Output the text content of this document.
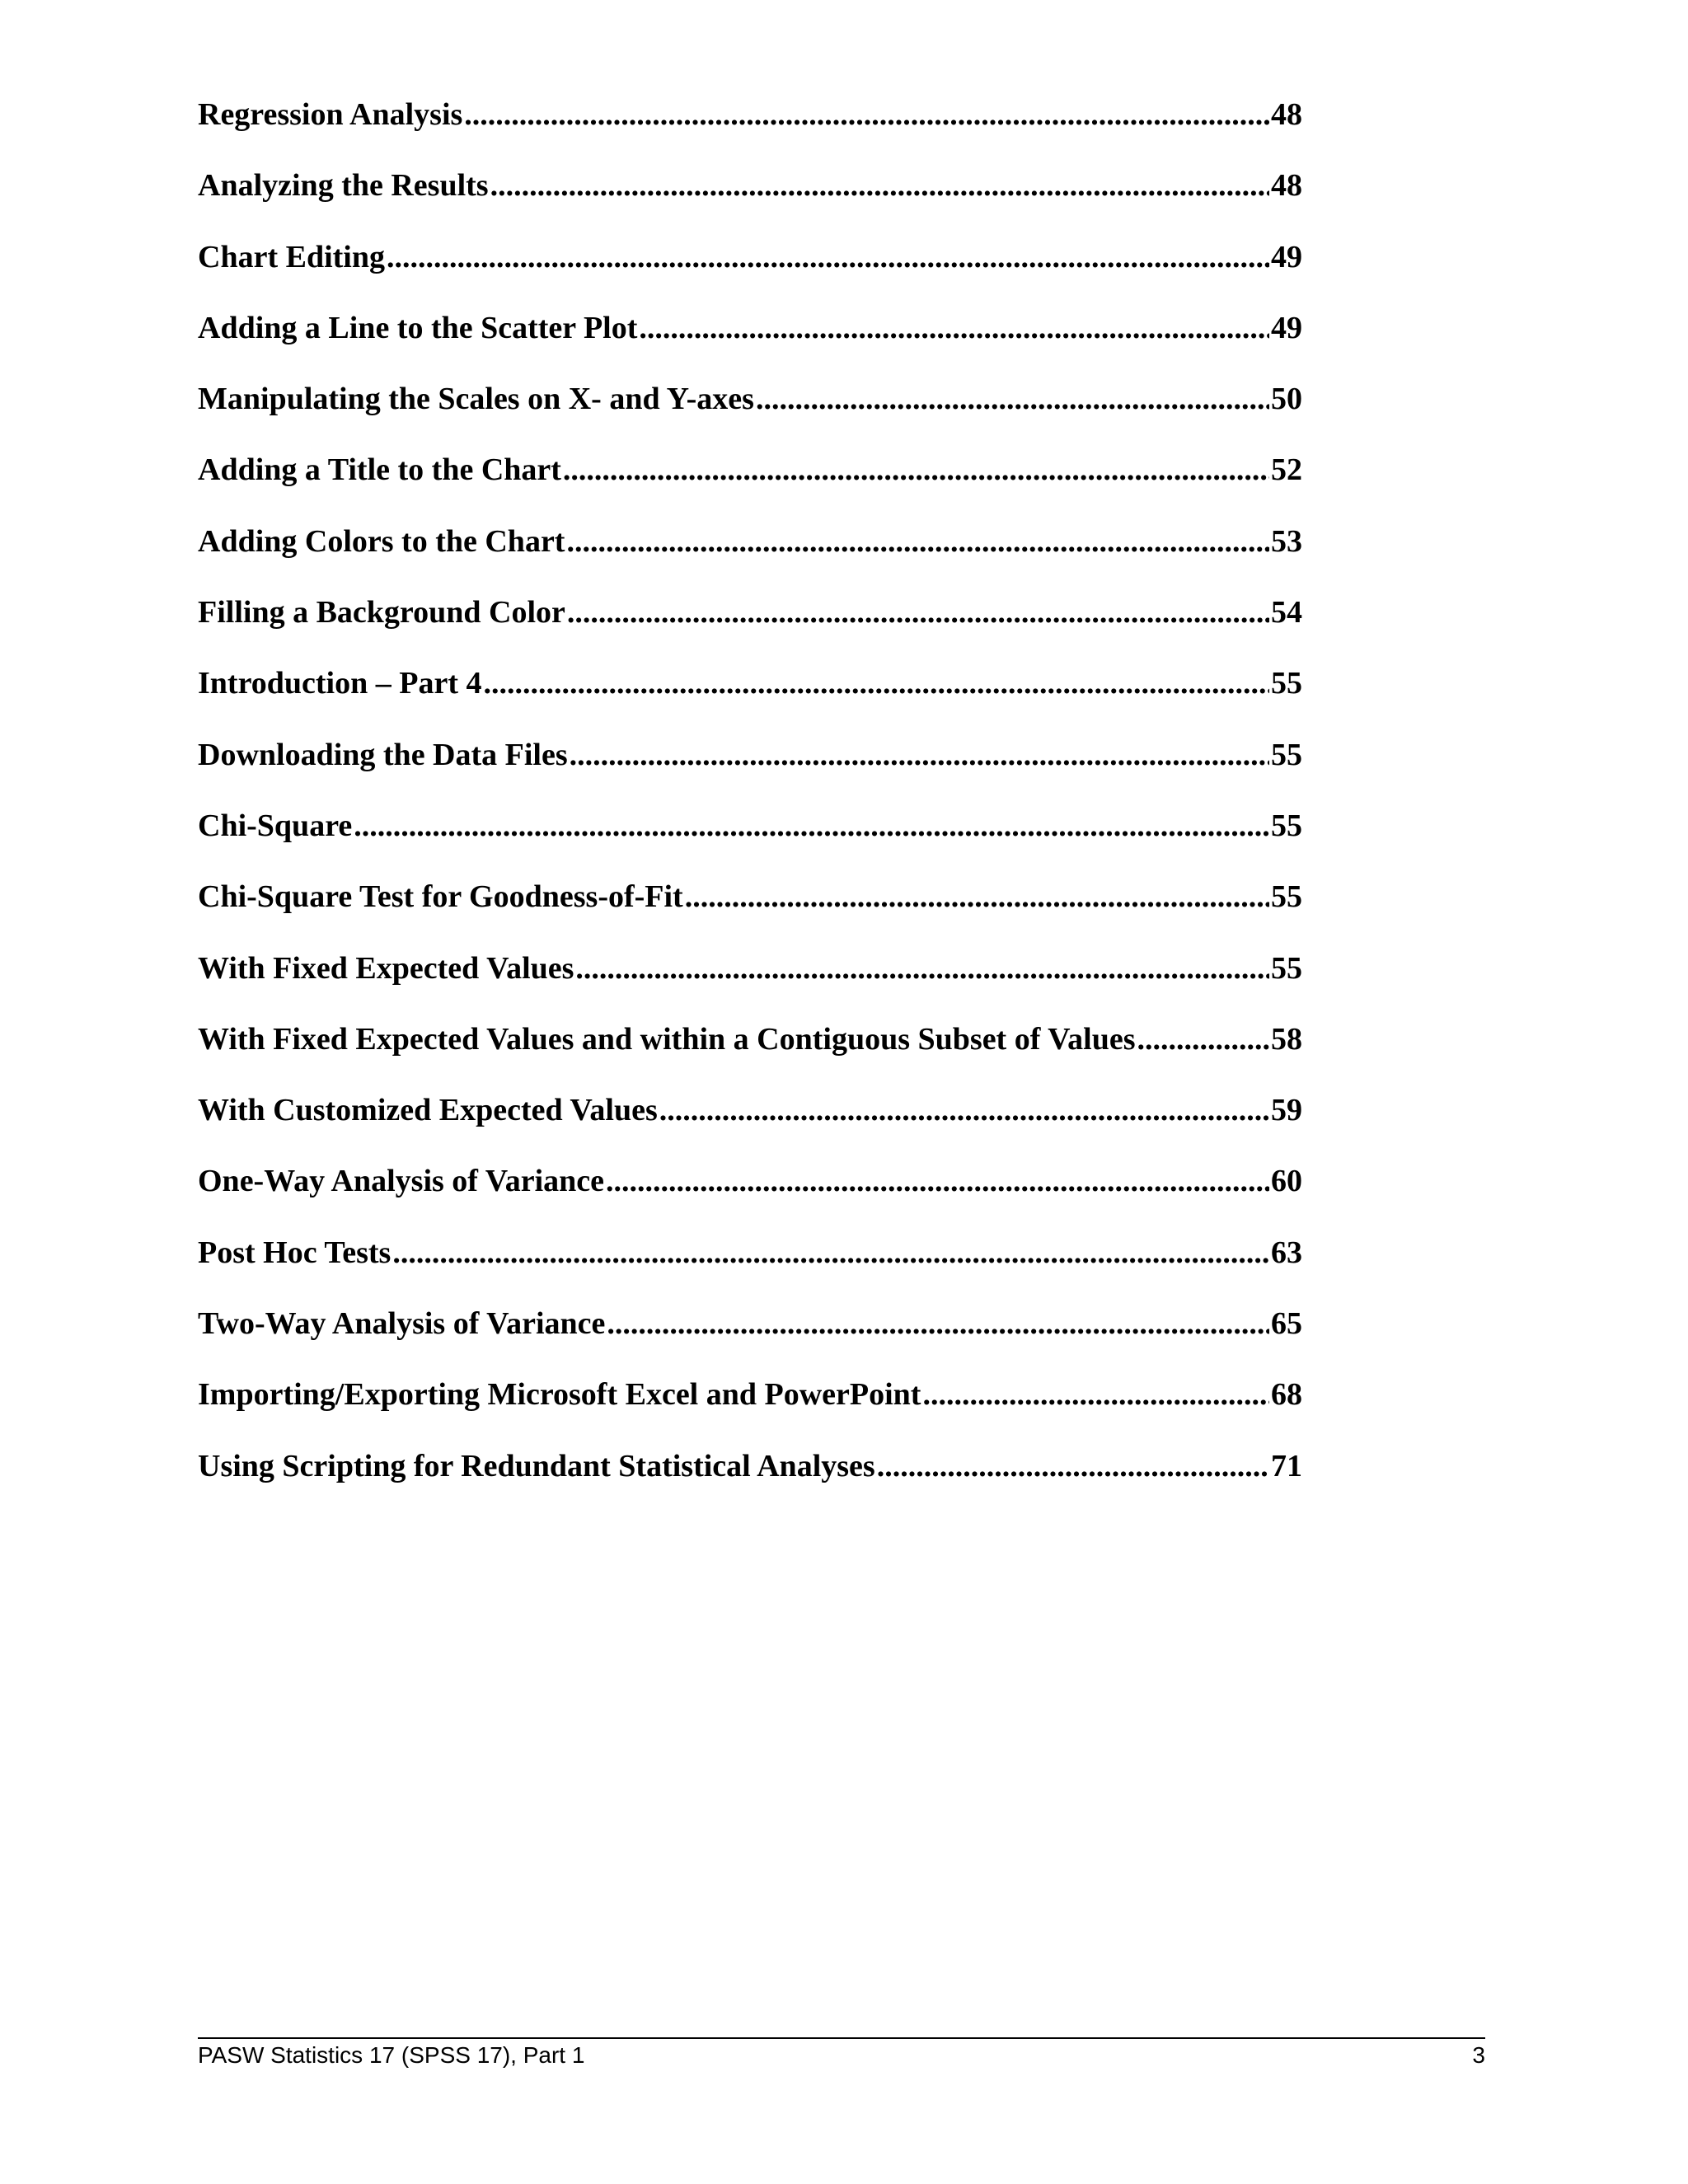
Regression Analysis .....	48
Analyzing the Results .....	48
Chart Editing .....	49
Adding a Line to the Scatter Plot .....	49
Manipulating the Scales on X- and Y-axes .....	50
Adding a Title to the Chart .....	52
Adding Colors to the Chart .....	53
Filling a Background Color .....	54
Introduction – Part 4 .....	55
Downloading the Data Files .....	55
Chi-Square .....	55
Chi-Square Test for Goodness-of-Fit .....	55
With Fixed Expected Values .....	55
With Fixed Expected Values and within a Contiguous Subset of Values .....	58
With Customized Expected Values .....	59
One-Way Analysis of Variance .....	60
Post Hoc Tests .....	63
Two-Way Analysis of Variance .....	65
Importing/Exporting Microsoft Excel and PowerPoint .....	68
Using Scripting for Redundant Statistical Analyses .....	71
PASW Statistics 17 (SPSS 17), Part 1	3
